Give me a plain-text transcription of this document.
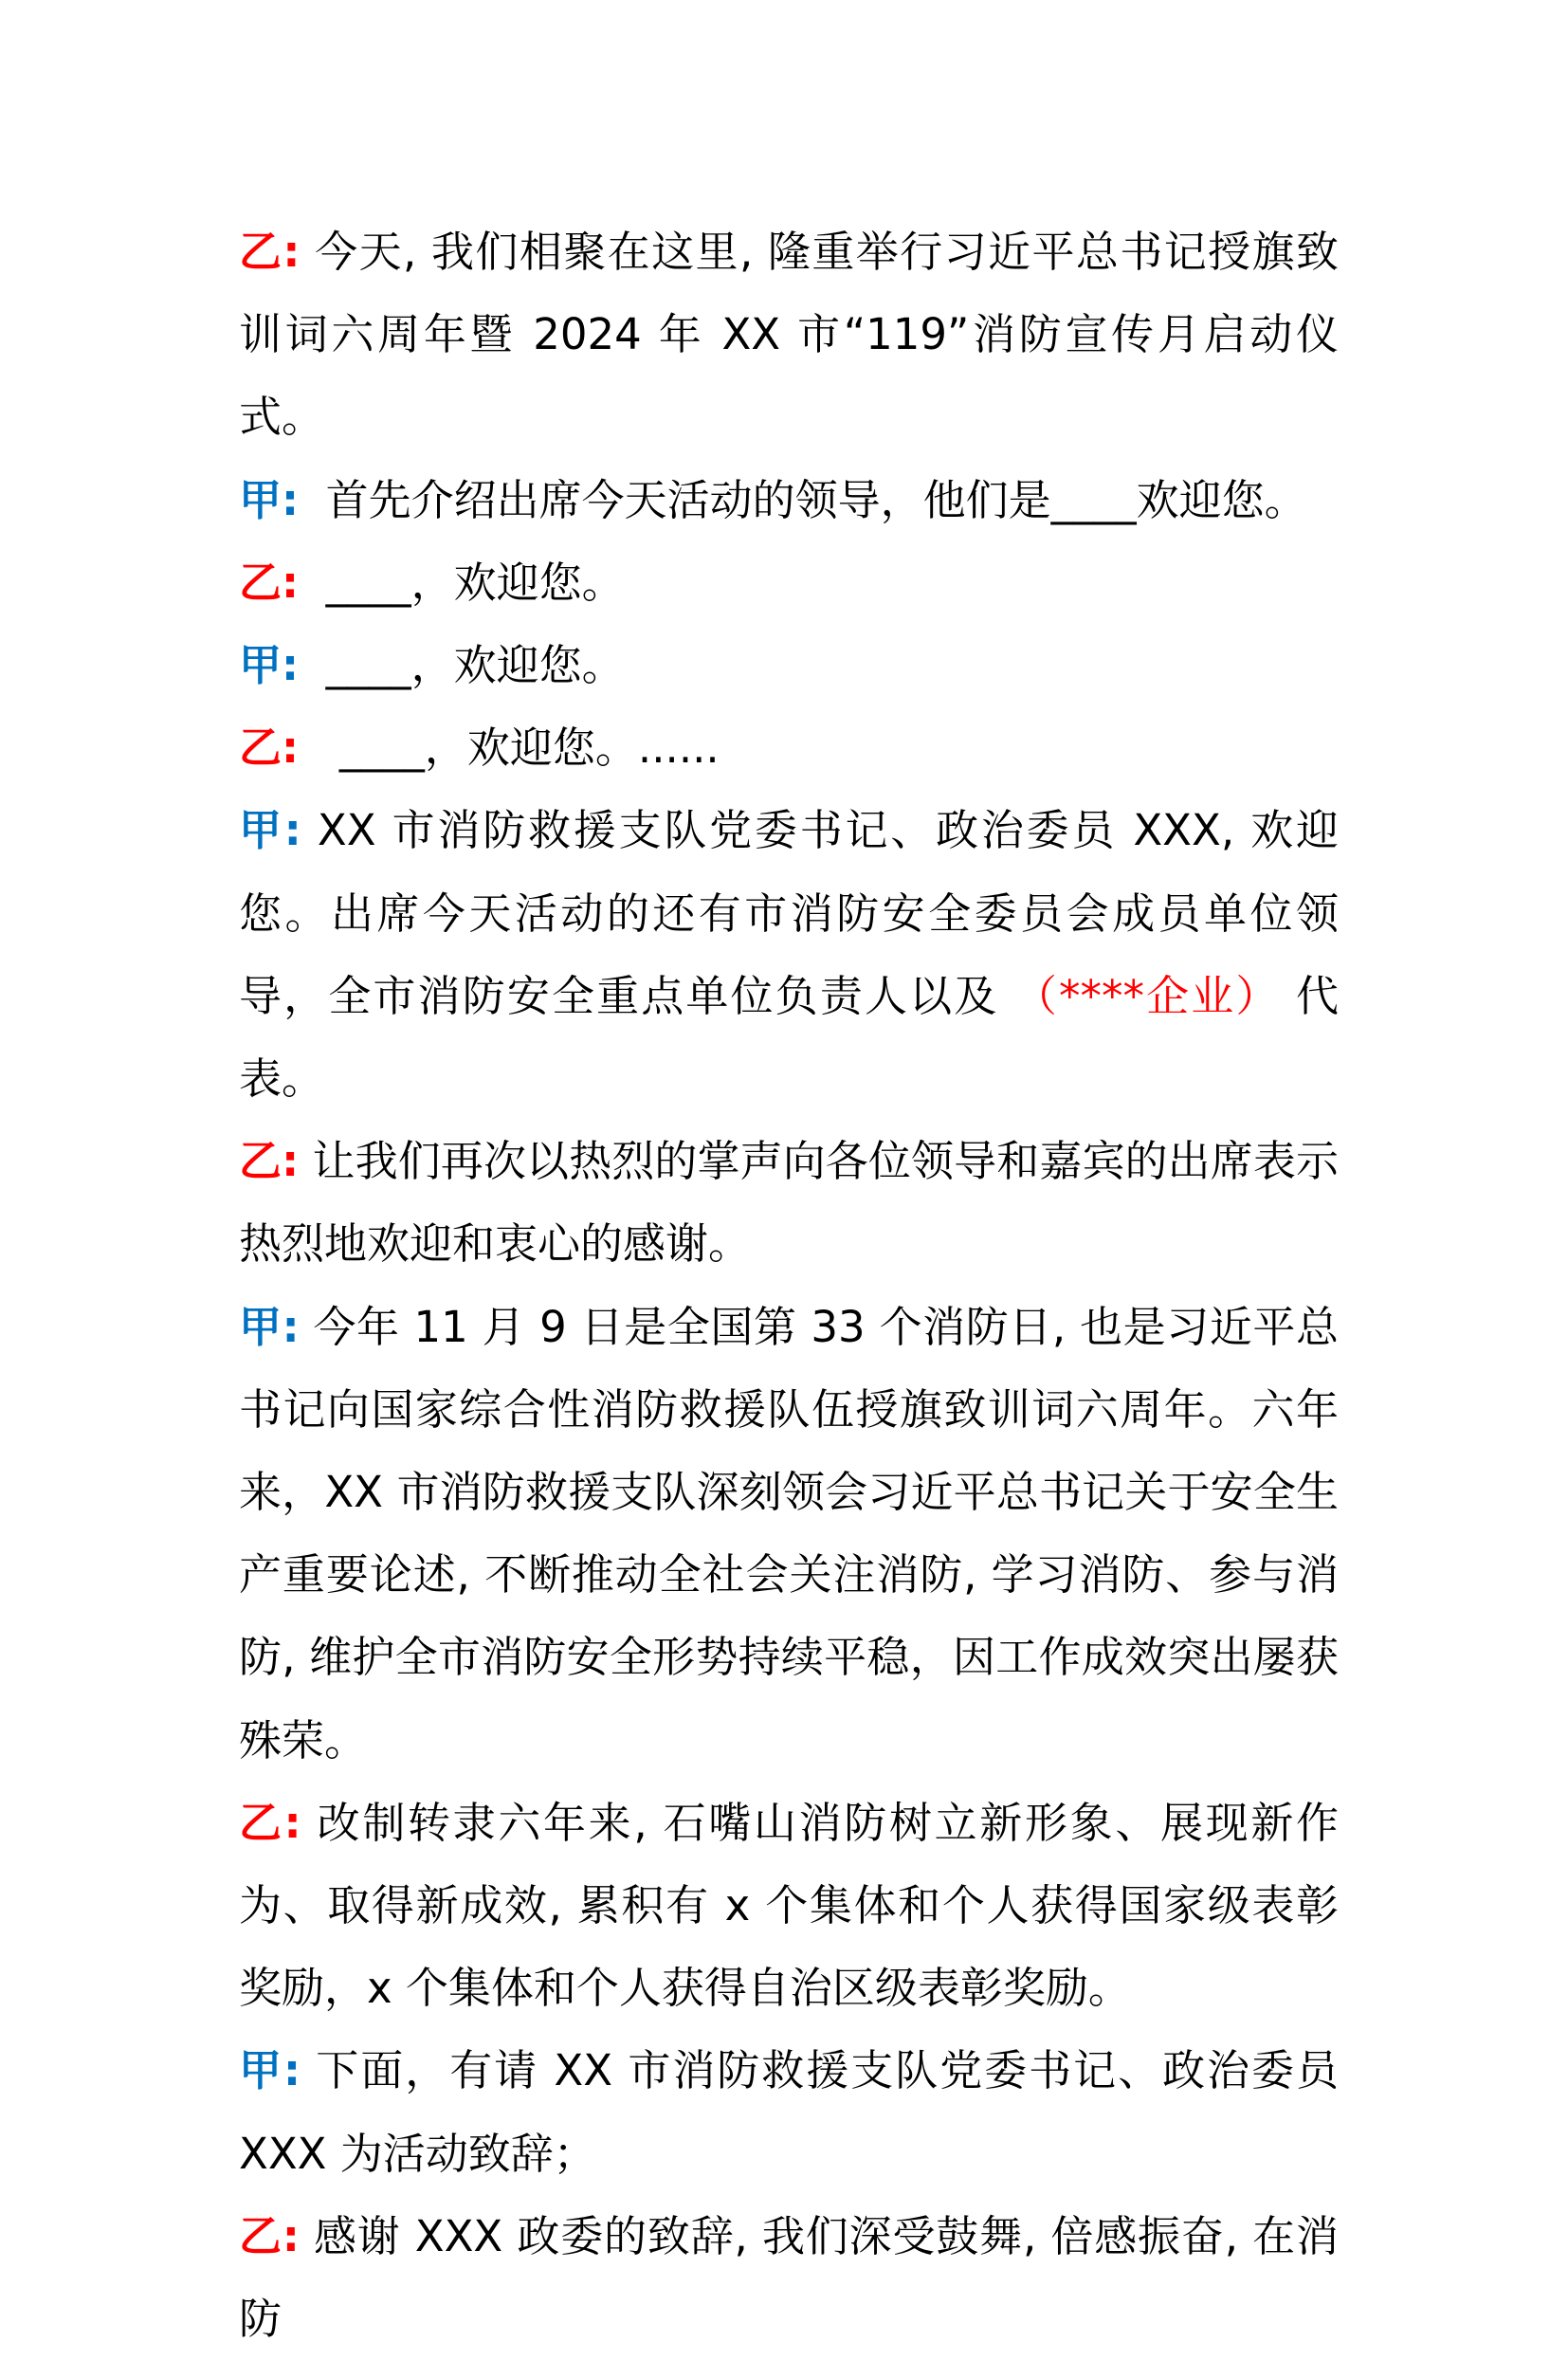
乙: 今天, 我们相聚在这里, 隆重举行习近平总书记授旗致训词六周年暨 2024 年 XX 市“119”消防宣传月启动仪式。

甲:  首先介绍出席今天活动的领导，他们是____欢迎您。

乙:  ____，欢迎您。

甲:  ____，欢迎您。

乙:   ____，欢迎您。......

甲: XX 市消防救援支队党委书记、政治委员 XXX, 欢迎您。出席今天活动的还有市消防安全委员会成员单位领导，全市消防安全重点单位负责人以及 （****企业） 代表。

乙: 让我们再次以热烈的掌声向各位领导和嘉宾的出席表示热烈地欢迎和衷心的感谢。

甲: 今年 11 月 9 日是全国第 33 个消防日, 也是习近平总书记向国家综合性消防救援队伍授旗致训词六周年。六年来，XX 市消防救援支队深刻领会习近平总书记关于安全生产重要论述, 不断推动全社会关注消防, 学习消防、参与消防, 维护全市消防安全形势持续平稳，因工作成效突出屡获殊荣。

乙: 改制转隶六年来, 石嘴山消防树立新形象、展现新作为、取得新成效, 累积有 x 个集体和个人获得国家级表彰奖励，x 个集体和个人获得自治区级表彰奖励。

甲: 下面，有请 XX 市消防救援支队党委书记、政治委员 XXX 为活动致辞；

乙: 感谢 XXX 政委的致辞, 我们深受鼓舞, 倍感振奋, 在消防
